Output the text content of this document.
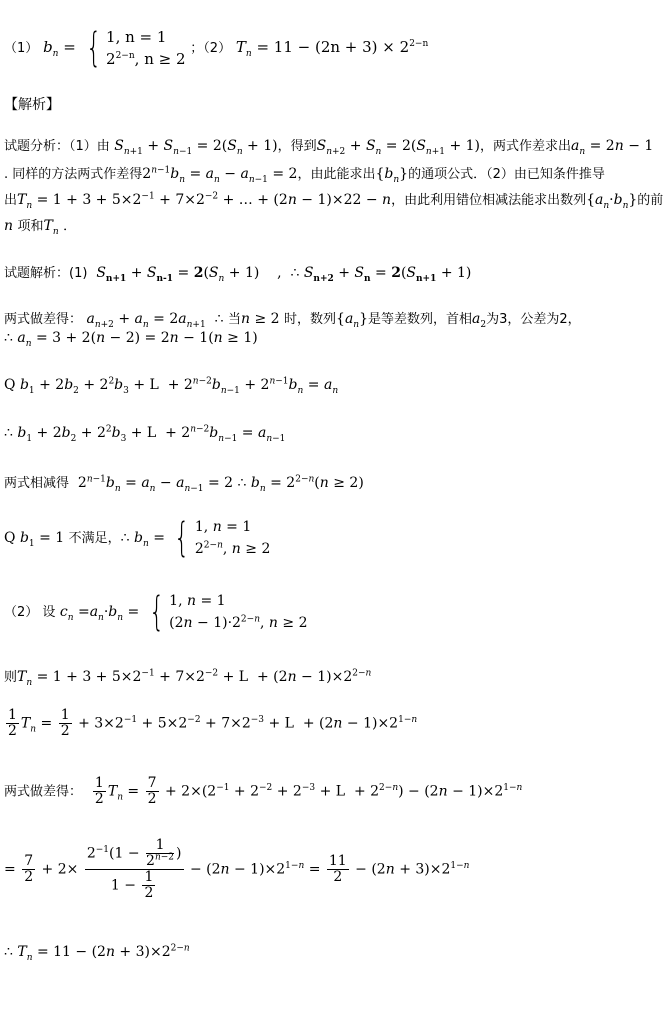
（1） $b_n$ = { 1, n = 1
$2^{2-n}$, n ≥ 2
；（2） $T_n = 11 - (2n + 3) \times 2^{2-n}$
【解析】
试题分析：（1）由 $S_{n+1} + S_{n-1} = 2(S_n + 1)$，得到$S_{n+2} + S_n = 2(S_{n+1} + 1)$，两式作差求出$a_n = 2n - 1$
. 同样的方法两式作差得$2^{n-1}b_n = a_n - a_{n-1} = 2$，由此能求出$\{b_n\}$的通项公式．（2）由已知条件推导
出$T_n = 1 + 3 + 5\times 2^{-1} + 7\times 2^{-2}$ + … + (2n − 1)×22 − n，由此利用错位相减法能求出数列$\{a_n\cdot b_n\}$的前
n 项和$T_n$ ．
试题解析：(1) $S_{n+1} + S_{n-1} = 2(S_n + 1)$    ,  ∴ $S_{n+2} + S_n = 2(S_{n+1} + 1)$
两式做差得： $a_{n+2} + a_n = 2a_{n+1}$  ∴ 当n ≥ 2 时，数列$\{a_n\}$是等差数列，首相$a_2$为3，公差为2，
∴ $a_n = 3 + 2(n - 2) = 2n - 1(n \ge 1)$
Q $b_1 + 2b_2 + 2^2b_3 + L + 2^{n-2}b_{n-1} + 2^{n-1}b_n = a_n$
∴ $b_1 + 2b_2 + 2^2b_3 + L + 2^{n-2}b_{n-1} = a_{n-1}$
两式相减得  $2^{n-1}b_n = a_n - a_{n-1} = 2$ ∴ $b_n = 2^{2-n}(n \ge 2)$
Q $b_1 = 1$ 不满足，∴ $b_n$ = { 1, n = 1
$2^{2-n}$, n ≥ 2
（2） 设 $c_n =a_n\cdot b_n$ = { 1, n = 1
$(2n - 1)\cdot 2^{2-n}$, n ≥ 2
则$T_n = 1 + 3 + 5\times 2^{-1} + 7\times 2^{-2} + L + (2n - 1)\times 2^{2-n}$
$\frac{1}{2} T_n = \frac{1}{2} + 3\times 2^{-1} + 5\times 2^{-2} + 7\times 2^{-3} + L + (2n - 1)\times 2^{1-n}$
两式做差得： $\frac{1}{2} T_n = \frac{7}{2} + 2\times(2^{-1} + 2^{-2} + 2^{-3} + L + 2^{2-n}) - (2n - 1)\times 2^{1-n}$
= $\frac{7}{2} + 2\times \frac{2^{-1}(1 - \frac{1}{2^{n-2}} )}{1 - \frac{1}{2}} - (2n - 1)\times 2^{1-n} = \frac{11}{2} - (2n + 3)\times 2^{1-n}$
∴ $T_n = 11 - (2n + 3)\times 2^{2-n}$
